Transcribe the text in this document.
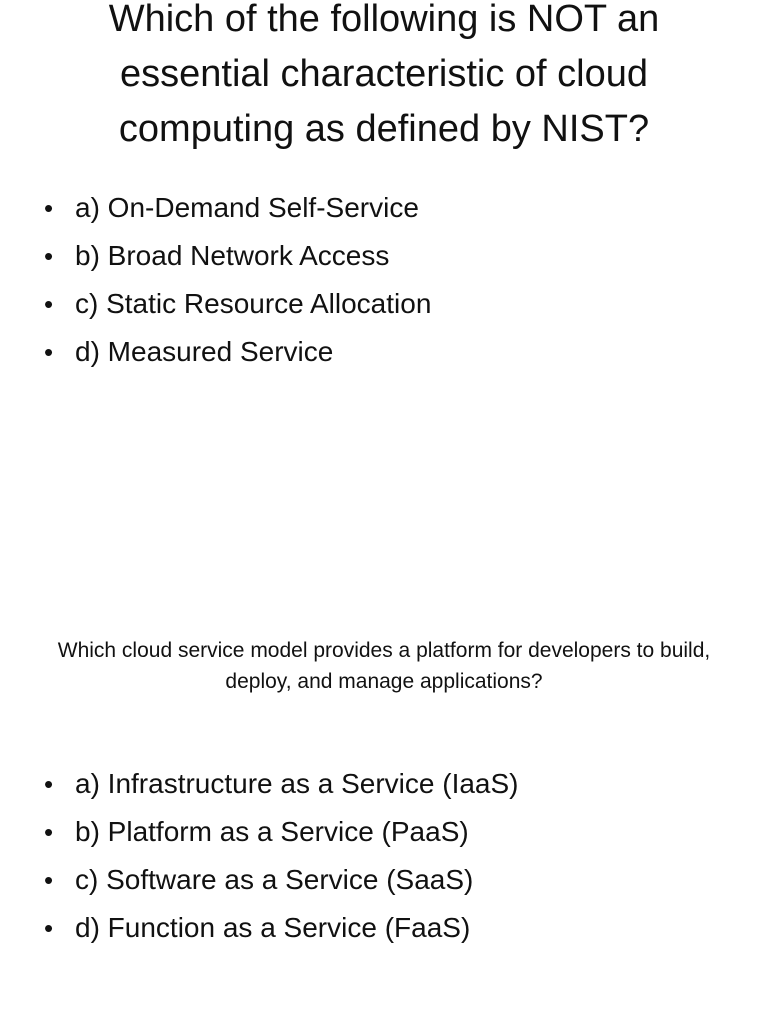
Which of the following is NOT an essential characteristic of cloud computing as defined by NIST?
• a) On-Demand Self-Service
• b) Broad Network Access
• c) Static Resource Allocation
• d) Measured Service
Which cloud service model provides a platform for developers to build, deploy, and manage applications?
• a) Infrastructure as a Service (IaaS)
• b) Platform as a Service (PaaS)
• c) Software as a Service (SaaS)
• d) Function as a Service (FaaS)
